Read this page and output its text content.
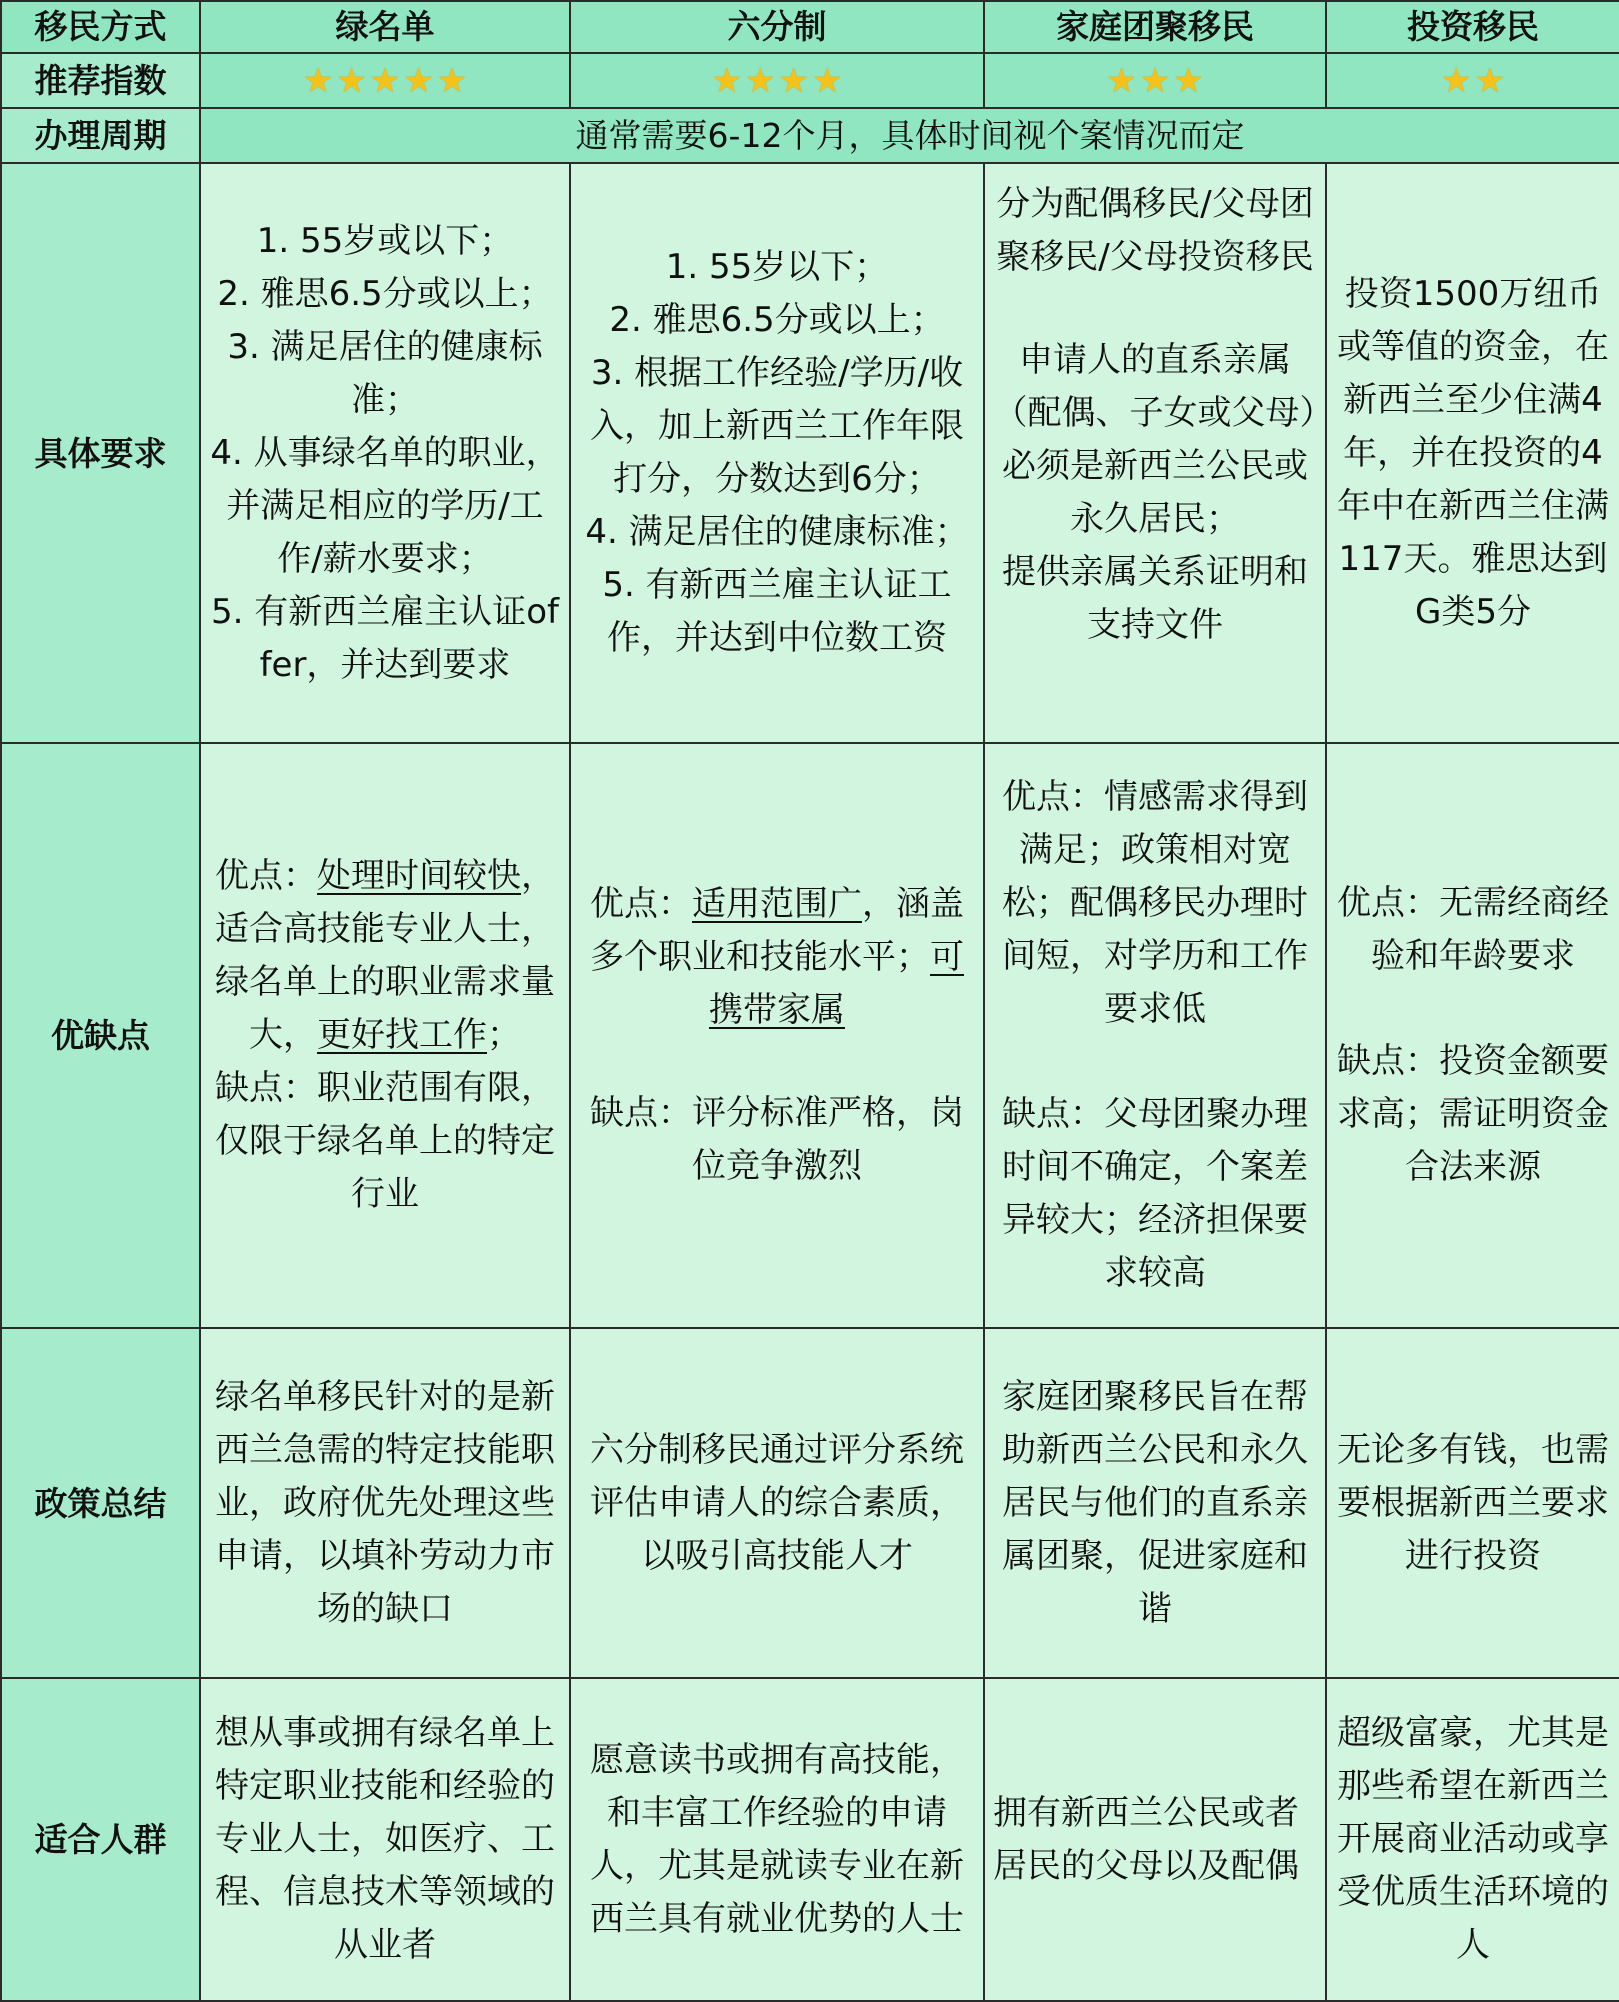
移民方式	绿名单	六分制	家庭团聚移民	投资移民
推荐指数	★ ★ ★ ★ ★	★ ★ ★ ★	★ ★ ★	★ ★

办理周期	通常需要6-12个月，具体时间视个案情况而定			
具体要求	1. 55岁或以下；
2. 雅思6.5分或以上；
3. 满足居住的健康标准；
4. 从事绿名单的职业，并满足相应的学历/工作/薪水要求；
5. 有新西兰雇主认证offer，并达到要求	1. 55岁以下；
2. 雅思6.5分或以上；
3. 根据工作经验/学历/收入，加上新西兰工作年限打分，分数达到6分；
4. 满足居住的健康标准；
5. 有新西兰雇主认证工作，并达到中位数工资	分为配偶移民/父母团聚移民/父母投资移民
申请人的直系亲属（配偶、子女或父母）必须是新西兰公民或永久居民；
提供亲属关系证明和支持文件	投资1500万纽币或等值的资金，在新西兰至少住满4年，并在投资的4年中在新西兰住满117天。雅思达到G类5分

优缺点	优点：处理时间较快，适合高技能专业人士，绿名单上的职业需求量大，更好找工作；
缺点：职业范围有限，仅限于绿名单上的特定行业	优点：适用范围广，涵盖多个职业和技能水平；可携带家属
缺点：评分标准严格，岗位竞争激烈	优点：情感需求得到满足；政策相对宽松；配偶移民办理时间短，对学历和工作要求低
缺点：父母团聚办理时间不确定，个案差异较大；经济担保要求较高	优点：无需经商经验和年龄要求
缺点：投资金额要求高；需证明资金合法来源

政策总结	绿名单移民针对的是新西兰急需的特定技能职业，政府优先处理这些申请，以填补劳动力市场的缺口	六分制移民通过评分系统评估申请人的综合素质，以吸引高技能人才	家庭团聚移民旨在帮助新西兰公民和永久居民与他们的直系亲属团聚，促进家庭和谐	无论多有钱，也需要根据新西兰要求进行投资

适合人群	想从事或拥有绿名单上特定职业技能和经验的专业人士，如医疗、工程、信息技术等领域的从业者	愿意读书或拥有高技能，和丰富工作经验的申请人，尤其是就读专业在新西兰具有就业优势的人士	拥有新西兰公民或者居民的父母以及配偶	超级富豪，尤其是那些希望在新西兰开展商业活动或享受优质生活环境的人
